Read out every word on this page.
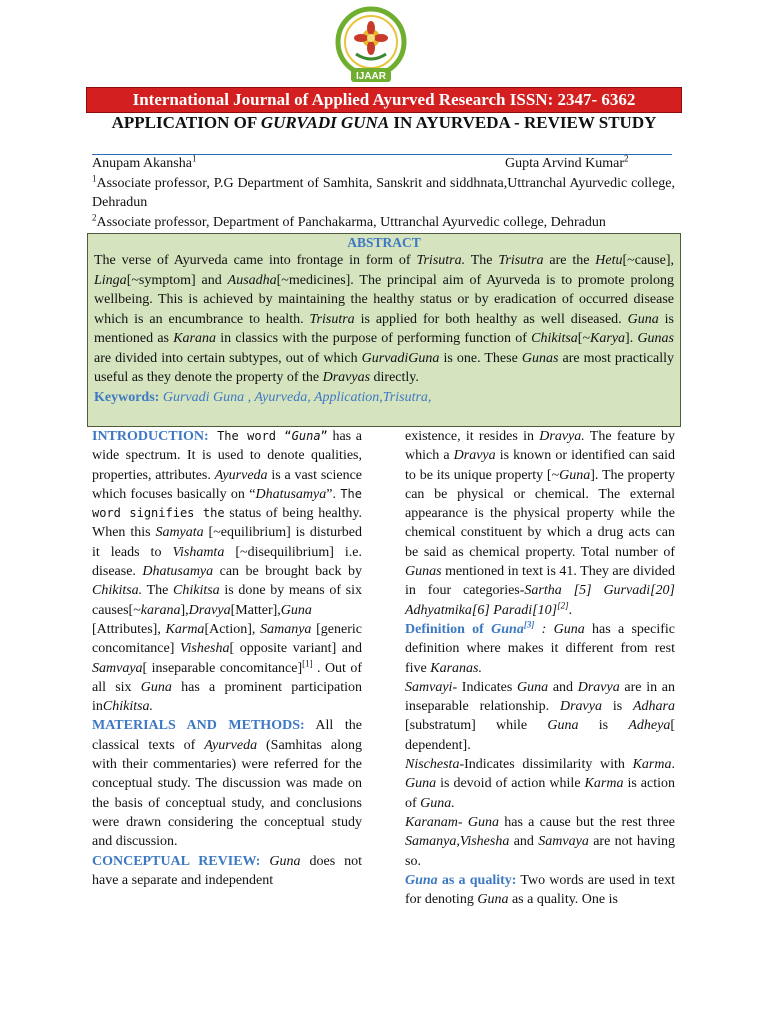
IJAAR
International Journal of Applied Ayurved Research ISSN: 2347- 6362
APPLICATION OF GURVADI GUNA IN AYURVEDA - REVIEW STUDY
Anupam Akansha$^1$	Gupta Arvind Kumar$^2$
$^1$Associate professor, P.G Department of Samhita, Sanskrit and siddhnata,Uttranchal Ayurvedic college, Dehradun
$^2$Associate professor, Department of Panchakarma, Uttranchal Ayurvedic college, Dehradun
ABSTRACT
The verse of Ayurveda came into frontage in form of Trisutra. The Trisutra are the Hetu[~cause], Linga[~symptom] and Ausadha[~medicines]. The principal aim of Ayurveda is to promote prolong wellbeing. This is achieved by maintaining the healthy status or by eradication of occurred disease which is an encumbrance to health. Trisutra is applied for both healthy as well diseased. Guna is mentioned as Karana in classics with the purpose of performing function of Chikitsa[~Karya]. Gunas are divided into certain subtypes, out of which GurvadiGuna is one. These Gunas are most practically useful as they denote the property of the Dravyas directly.
Keywords: Gurvadi Guna , Ayurveda, Application,Trisutra,

INTRODUCTION: The word “Guna” has a wide spectrum. It is used to denote qualities, properties, attributes. Ayurveda is a vast science which focuses basically on “Dhatusamya”. The word signifies the status of being healthy. When this Samyata [~equilibrium] is disturbed it leads to Vishamta [~disequilibrium] i.e. disease. Dhatusamya can be brought back by Chikitsa. The Chikitsa is done by means of six causes[~karana],Dravya[Matter],Guna [Attributes], Karma[Action], Samanya [generic concomitance] Vishesha[ opposite variant] and Samvaya[ inseparable concomitance][1] . Out of all six Guna has a prominent participation inChikitsa.

MATERIALS AND METHODS: All the classical texts of Ayurveda (Samhitas along with their commentaries) were referred for the conceptual study. The discussion was made on the basis of conceptual study, and conclusions were drawn considering the conceptual study and discussion.

CONCEPTUAL REVIEW: Guna does not have a separate and independent

existence, it resides in Dravya. The feature by which a Dravya is known or identified can said to be its unique property [~Guna]. The property can be physical or chemical. The external appearance is the physical property while the chemical constituent by which a drug acts can be said as chemical property. Total number of Gunas mentioned in text is 41. They are divided in four categories-Sartha [5] Gurvadi[20] Adhyatmika[6] Paradi[10][2].

Definition of Guna[3] : Guna has a specific definition where makes it different from rest five Karanas.

Samvayi- Indicates Guna and Dravya are in an inseparable relationship. Dravya is Adhara [substratum] while Guna is Adheya[ dependent].

Nischesta-Indicates dissimilarity with Karma. Guna is devoid of action while Karma is action of Guna.

Karanam- Guna has a cause but the rest three Samanya,Vishesha and Samvaya are not having so.

Guna as a quality: Two words are used in text for denoting Guna as a quality. One is
